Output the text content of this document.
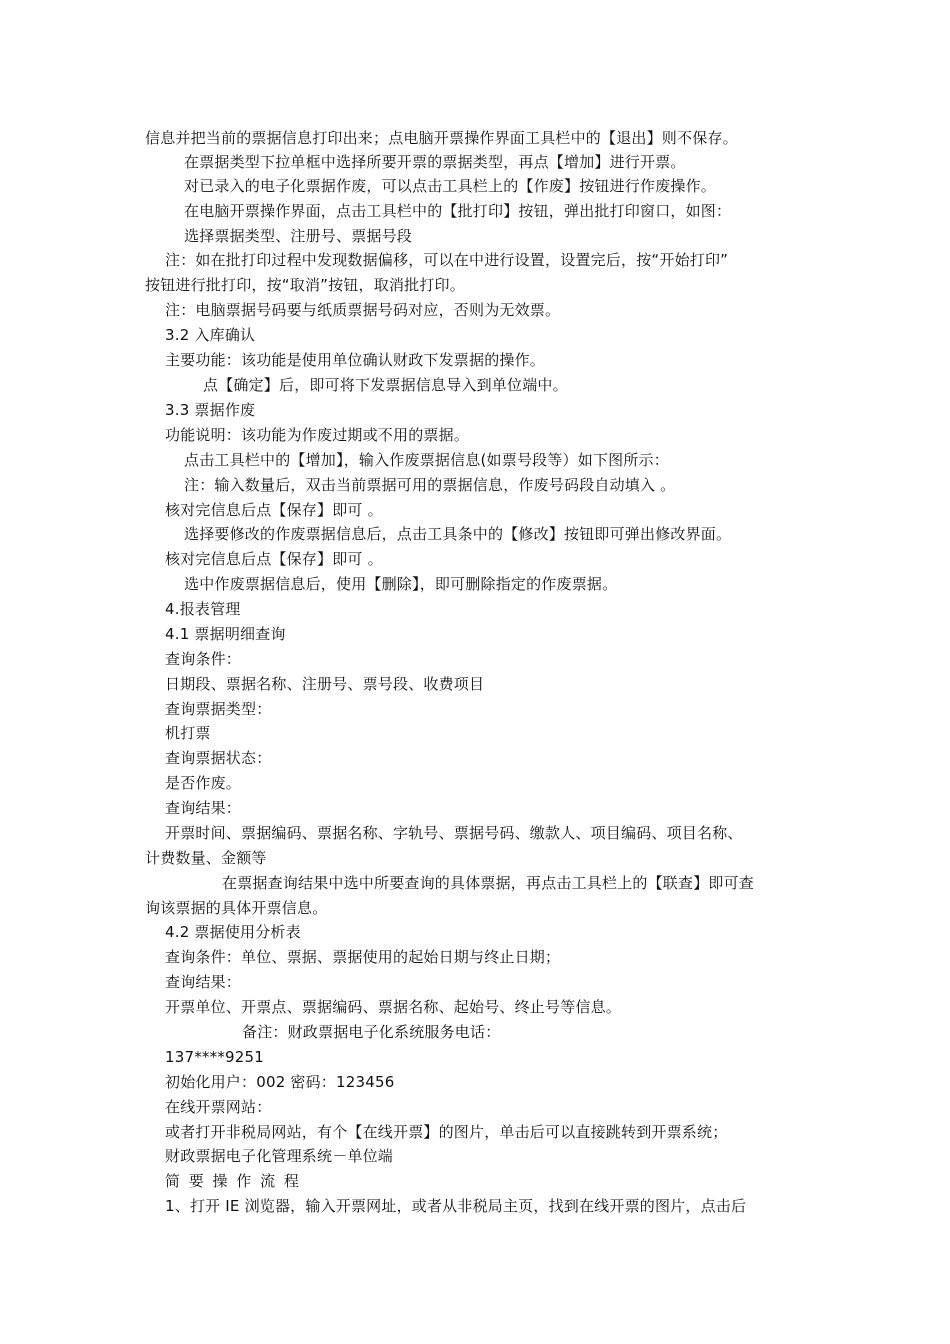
信息并把当前的票据信息打印出来；点电脑开票操作界面工具栏中的【退出】则不保存。
在票据类型下拉单框中选择所要开票的票据类型，再点【增加】进行开票。
对已录入的电子化票据作废，可以点击工具栏上的【作废】按钮进行作废操作。
在电脑开票操作界面，点击工具栏中的【批打印】按钮，弹出批打印窗口，如图：
选择票据类型、注册号、票据号段
注：如在批打印过程中发现数据偏移，可以在中进行设置，设置完后，按“开始打印”
按钮进行批打印，按“取消”按钮，取消批打印。
注：电脑票据号码要与纸质票据号码对应，否则为无效票。
3.2 入库确认
主要功能：该功能是使用单位确认财政下发票据的操作。
点【确定】后，即可将下发票据信息导入到单位端中。
3.3 票据作废
功能说明：该功能为作废过期或不用的票据。
点击工具栏中的【增加】，输入作废票据信息(如票号段等）如下图所示：
注：输入数量后，双击当前票据可用的票据信息，作废号码段自动填入 。
核对完信息后点【保存】即可 。
选择要修改的作废票据信息后，点击工具条中的【修改】按钮即可弹出修改界面。
核对完信息后点【保存】即可 。
选中作废票据信息后，使用【删除】，即可删除指定的作废票据。
4.报表管理
4.1 票据明细查询
查询条件：
日期段、票据名称、注册号、票号段、收费项目
查询票据类型：
机打票
查询票据状态：
是否作废。
查询结果：
开票时间、票据编码、票据名称、字轨号、票据号码、缴款人、项目编码、项目名称、
计费数量、金额等
在票据查询结果中选中所要查询的具体票据，再点击工具栏上的【联查】即可查
询该票据的具体开票信息。
4.2 票据使用分析表
查询条件：单位、票据、票据使用的起始日期与终止日期；
查询结果：
开票单位、开票点、票据编码、票据名称、起始号、终止号等信息。
备注：财政票据电子化系统服务电话：
137****9251
初始化用户：002 密码：123456
在线开票网站：
或者打开非税局网站，有个【在线开票】的图片，单击后可以直接跳转到开票系统；
财政票据电子化管理系统－单位端
简 要 操 作 流 程
1、打开 IE 浏览器，输入开票网址，或者从非税局主页，找到在线开票的图片，点击后
